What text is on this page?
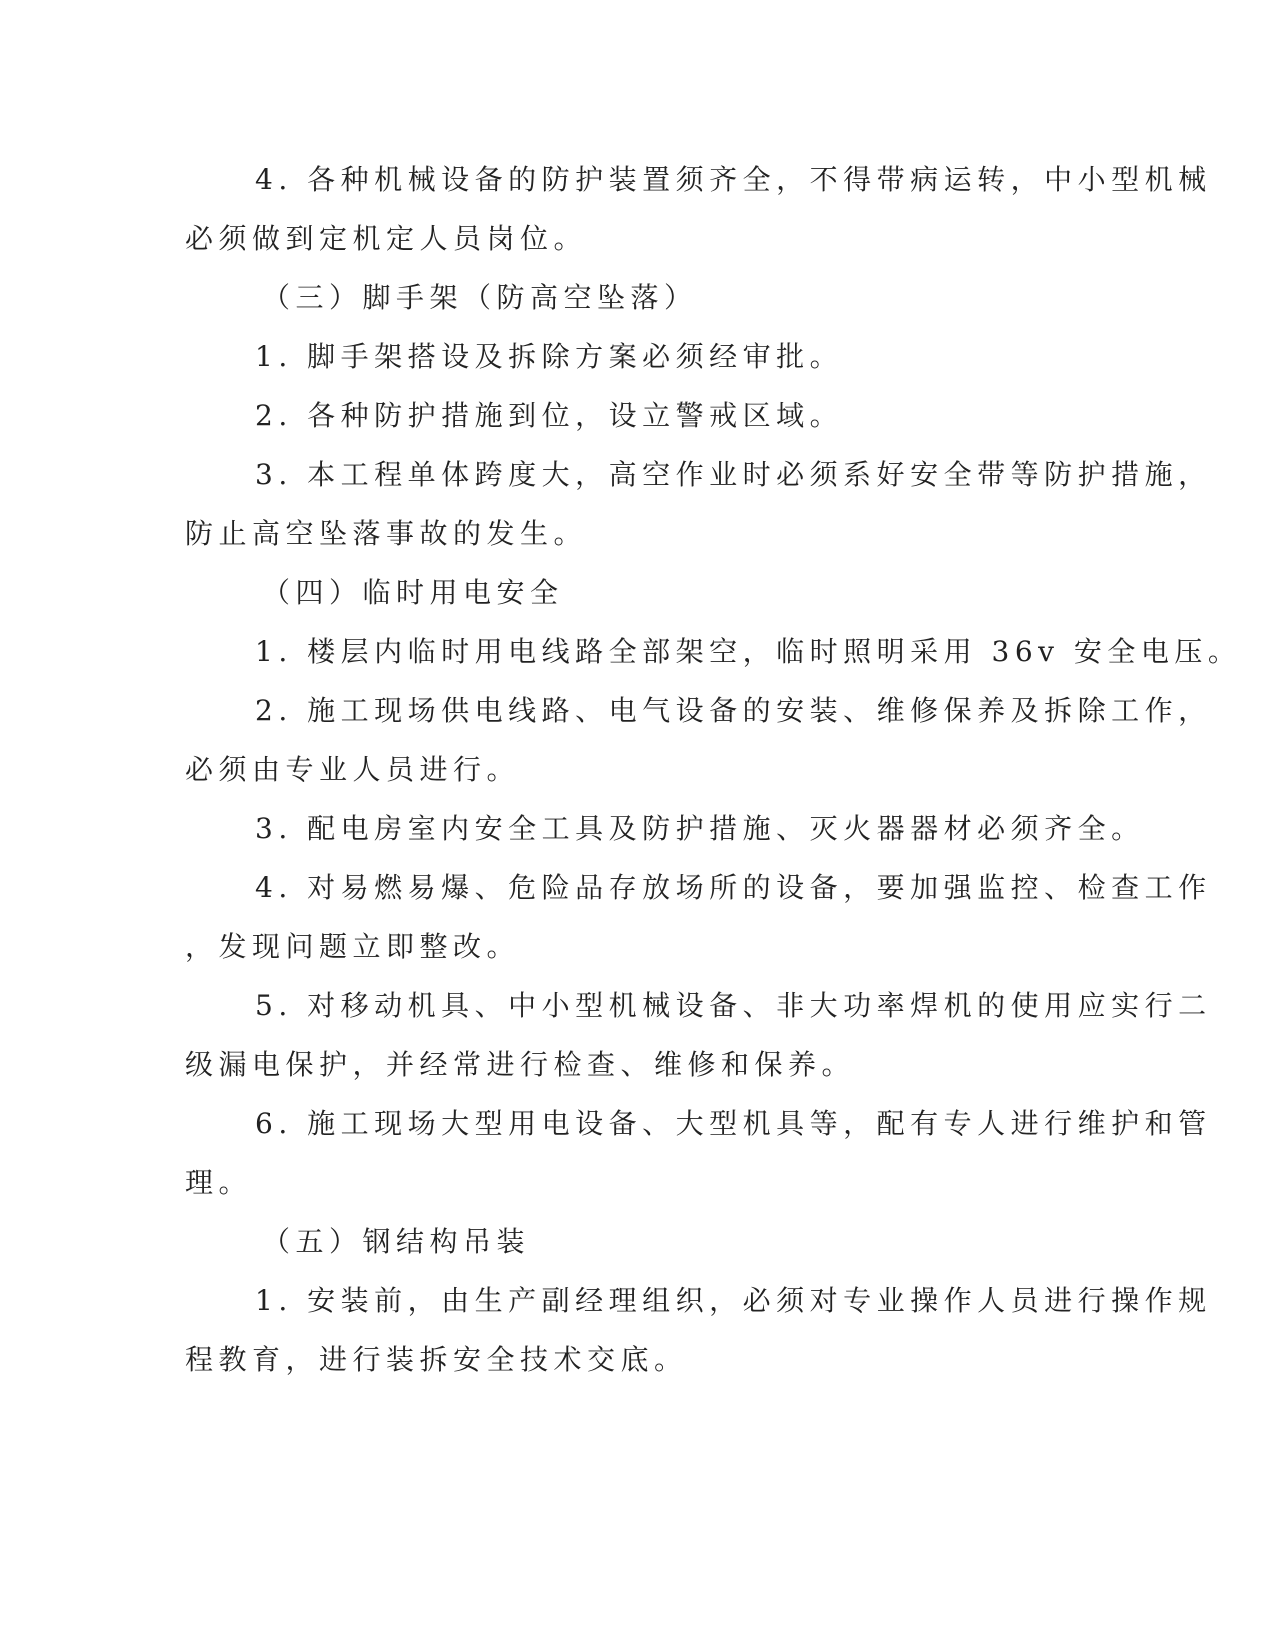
4. 各种机械设备的防护装置须齐全，不得带病运转，中小型机械
必须做到定机定人员岗位。
（三）脚手架（防高空坠落）
1. 脚手架搭设及拆除方案必须经审批。
2. 各种防护措施到位，设立警戒区域。
3. 本工程单体跨度大，高空作业时必须系好安全带等防护措施，
防止高空坠落事故的发生。
（四）临时用电安全
1. 楼层内临时用电线路全部架空，临时照明采用 36v 安全电压。
2. 施工现场供电线路、电气设备的安装、维修保养及拆除工作，
必须由专业人员进行。
3. 配电房室内安全工具及防护措施、灭火器器材必须齐全。
4. 对易燃易爆、危险品存放场所的设备，要加强监控、检查工作
，发现问题立即整改。
5. 对移动机具、中小型机械设备、非大功率焊机的使用应实行二
级漏电保护，并经常进行检查、维修和保养。
6. 施工现场大型用电设备、大型机具等，配有专人进行维护和管
理。
（五）钢结构吊装
1. 安装前，由生产副经理组织，必须对专业操作人员进行操作规
程教育，进行装拆安全技术交底。
